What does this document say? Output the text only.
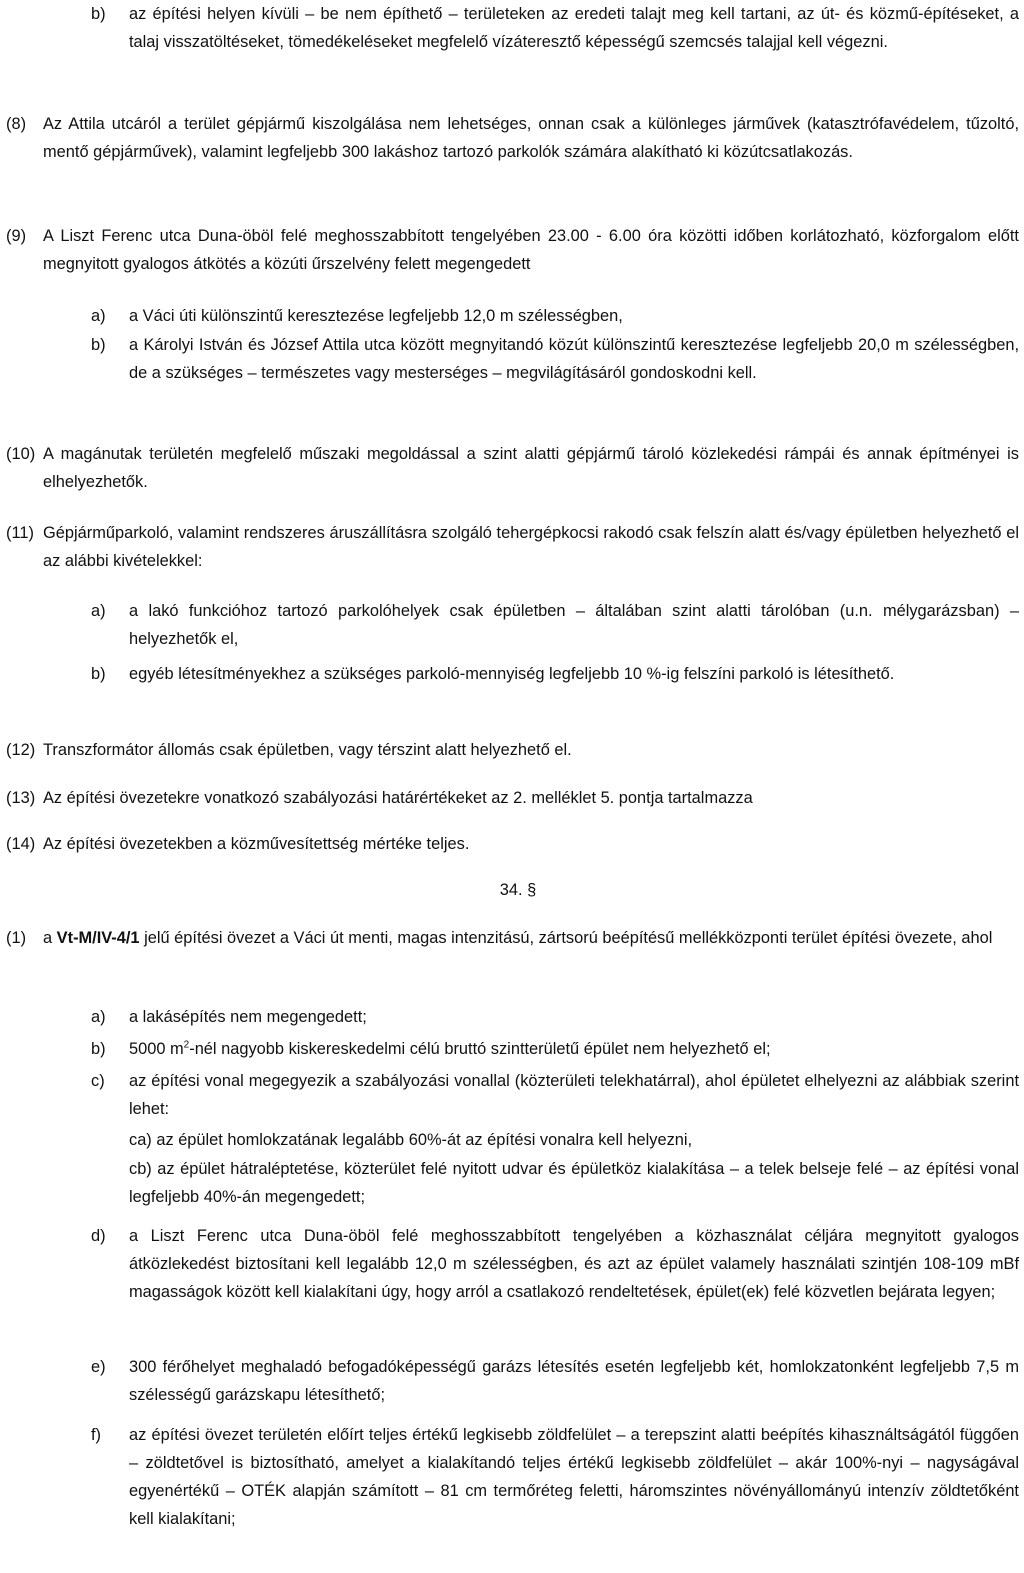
b) az építési helyen kívüli – be nem építhető – területeken az eredeti talajt meg kell tartani, az út- és közmű-építéseket, a talaj visszatöltéseket, tömedékeléseket megfelelő vízáteresztő képességű szemcsés talajjal kell végezni.
(8) Az Attila utcáról a terület gépjármű kiszolgálása nem lehetséges, onnan csak a különleges járművek (katasztrófavédelem, tűzoltó, mentő gépjárművek), valamint legfeljebb 300 lakáshoz tartozó parkolók számára alakítható ki közútcsatlakozás.
(9) A Liszt Ferenc utca Duna-öböl felé meghosszabbított tengelyében 23.00 - 6.00 óra közötti időben korlátozható, közforgalom előtt megnyitott gyalogos átkötés a közúti űrszelvény felett megengedett
a) a Váci úti különszintű keresztezése legfeljebb 12,0 m szélességben,
b) a Károlyi István és József Attila utca között megnyitandó közút különszintű keresztezése legfeljebb 20,0 m szélességben, de a szükséges – természetes vagy mesterséges – megvilágításáról gondoskodni kell.
(10) A magánutak területén megfelelő műszaki megoldással a szint alatti gépjármű tároló közlekedési rámpái és annak építményei is elhelyezhetők.
(11) Gépjárműparkoló, valamint rendszeres áruszállításra szolgáló tehergépkocsi rakodó csak felszín alatt és/vagy épületben helyezhető el az alábbi kivételekkel:
a) a lakó funkcióhoz tartozó parkolóhelyek csak épületben – általában szint alatti tárolóban (u.n. mélygarázsban) – helyezhetők el,
b) egyéb létesítményekhez a szükséges parkoló-mennyiség legfeljebb 10 %-ig felszíni parkoló is létesíthető.
(12) Transzformátor állomás csak épületben, vagy térszint alatt helyezhető el.
(13) Az építési övezetekre vonatkozó szabályozási határértékeket az 2. melléklet 5. pontja tartalmazza
(14) Az építési övezetekben a közművesítettség mértéke teljes.
34. §
(1) a Vt-M/IV-4/1 jelű építési övezet a Váci út menti, magas intenzitású, zártsorú beépítésű mellékközponti terület építési övezete, ahol
a) a lakásépítés nem megengedett;
b) 5000 $m^2$-nél nagyobb kiskereskedelmi célú bruttó szintterületű épület nem helyezhető el;
c) az építési vonal megegyezik a szabályozási vonallal (közterületi telekhatárral), ahol épületet elhelyezni az alábbiak szerint lehet:
ca) az épület homlokzatának legalább 60%-át az építési vonalra kell helyezni,
cb) az épület hátraléptetése, közterület felé nyitott udvar és épületköz kialakítása – a telek belseje felé – az építési vonal legfeljebb 40%-án megengedett;
d) a Liszt Ferenc utca Duna-öböl felé meghosszabbított tengelyében a közhasználat céljára megnyitott gyalogos átközlekedést biztosítani kell legalább 12,0 m szélességben, és azt az épület valamely használati szintjén 108-109 mBf magasságok között kell kialakítani úgy, hogy arról a csatlakozó rendeltetések, épület(ek) felé közvetlen bejárata legyen;
e) 300 férőhelyet meghaladó befogadóképességű garázs létesítés esetén legfeljebb két, homlokzatonként legfeljebb 7,5 m szélességű garázskapu létesíthető;
f) az építési övezet területén előírt teljes értékű legkisebb zöldfelület – a terepszint alatti beépítés kihasználtságától függően – zöldtetővel is biztosítható, amelyet a kialakítandó teljes értékű legkisebb zöldfelület – akár 100%-nyi – nagyságával egyenértékű – OTÉK alapján számított – 81 cm termőréteg feletti, háromszintes növényállományú intenzív zöldtetőként kell kialakítani;
